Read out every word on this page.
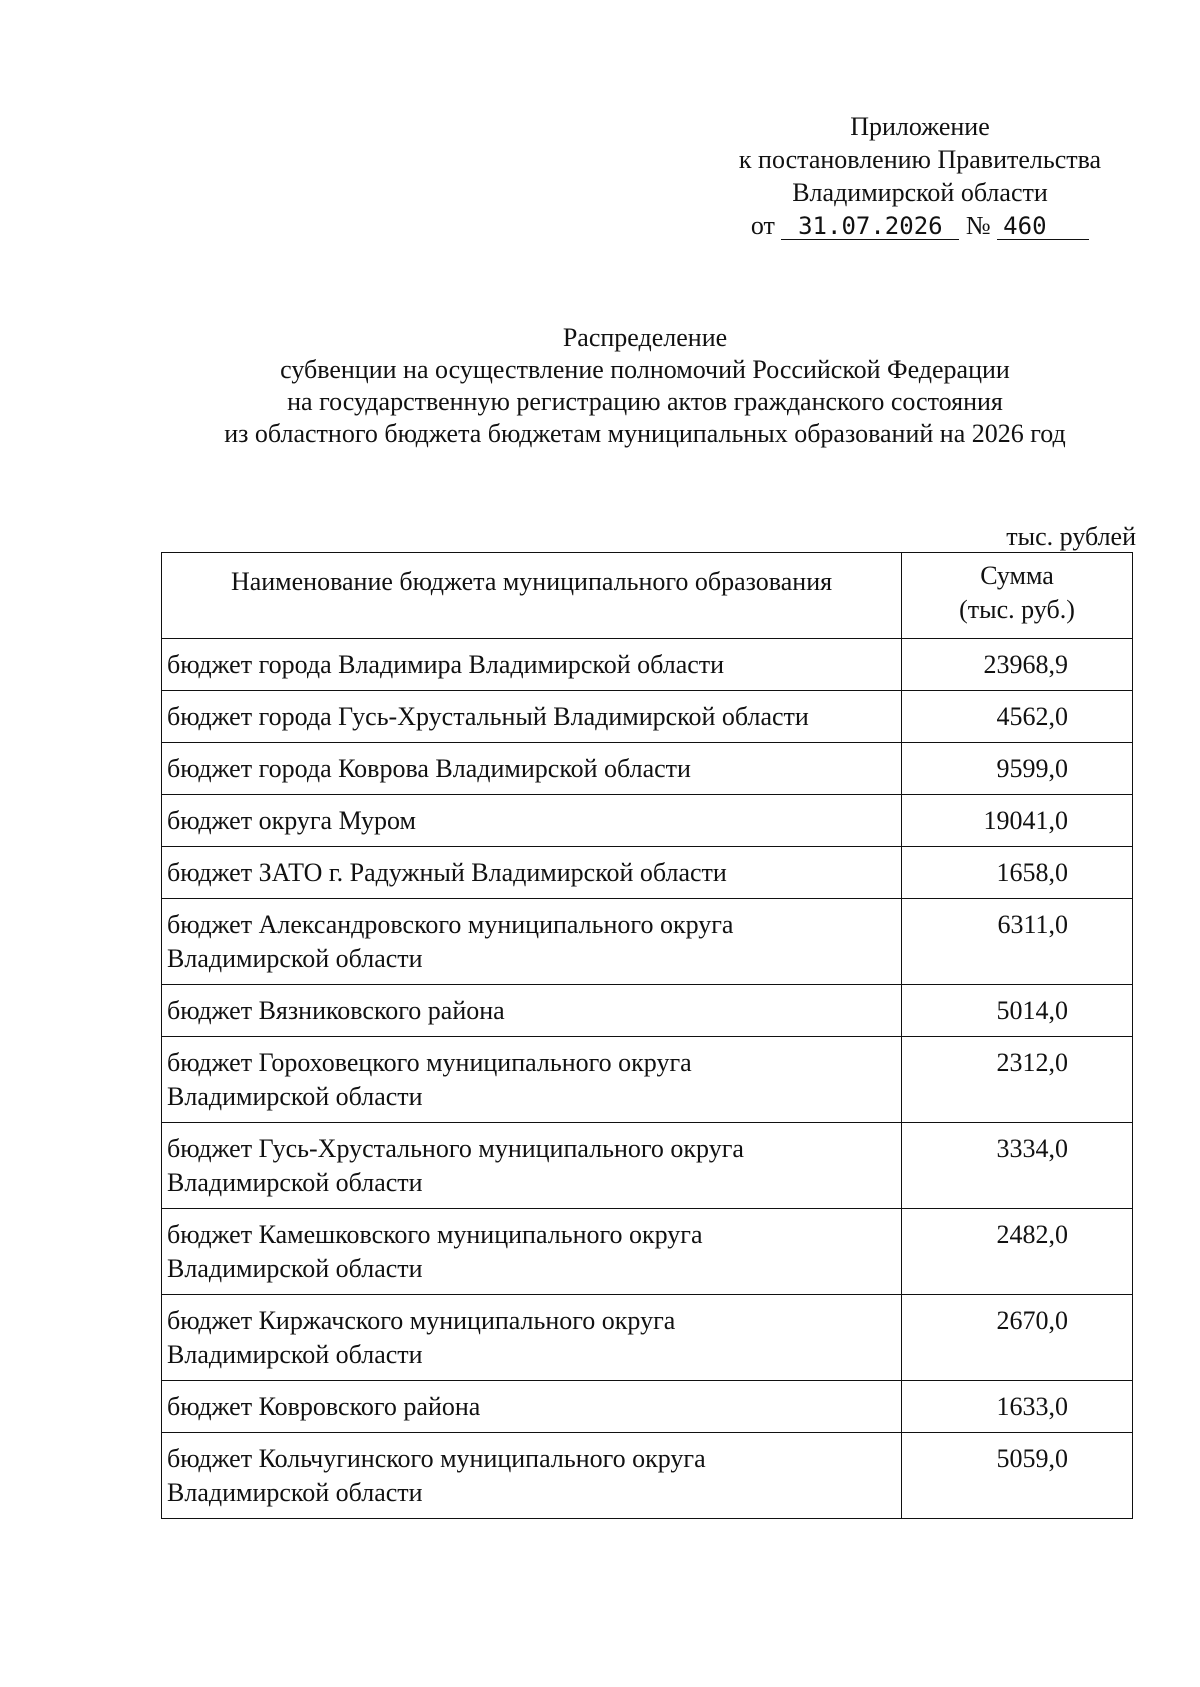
Приложение
к постановлению Правительства
Владимирской области
от 31.07.2026 № 460
Распределение
субвенции на осуществление полномочий Российской Федерации
на государственную регистрацию актов гражданского состояния
из областного бюджета бюджетам муниципальных образований на 2026 год
тыс. рублей
Наименование бюджета муниципального образования	Сумма
(тыс. руб.)

бюджет города Владимира Владимирской области	23968,9
бюджет города Гусь-Хрустальный Владимирской области	4562,0
бюджет города Коврова Владимирской области	9599,0
бюджет округа Муром	19041,0
бюджет ЗАТО г. Радужный Владимирской области	1658,0
бюджет Александровского муниципального округа
Владимирской области	6311,0
бюджет Вязниковского района	5014,0
бюджет Гороховецкого муниципального округа
Владимирской области	2312,0
бюджет Гусь-Хрустального муниципального округа
Владимирской области	3334,0
бюджет Камешковского муниципального округа
Владимирской области	2482,0
бюджет Киржачского муниципального округа
Владимирской области	2670,0
бюджет Ковровского района	1633,0
бюджет Кольчугинского муниципального округа
Владимирской области	5059,0
